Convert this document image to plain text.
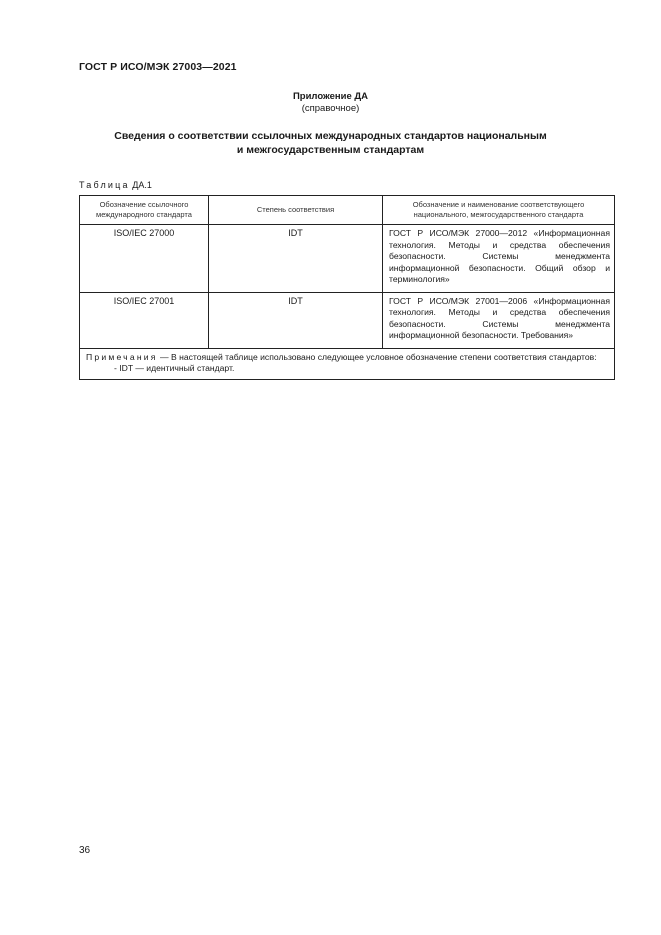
ГОСТ Р ИСО/МЭК 27003—2021
Приложение ДА
(справочное)
Сведения о соответствии ссылочных международных стандартов национальным
и межгосударственным стандартам
Таблица ДА.1
Обозначение ссылочного международного стандарта	Степень соответствия	Обозначение и наименование соответствующего национального, межгосударственного стандарта
ISO/IEC 27000	IDT	ГОСТ Р ИСО/МЭК 27000—2012 «Информационная технология. Методы и средства обеспечения безопасности. Системы менеджмента информационной безопасности. Общий обзор и терминология»
ISO/IEC 27001	IDT	ГОСТ Р ИСО/МЭК 27001—2006 «Информационная технология. Методы и средства обеспечения безопасности. Системы менеджмента информационной безопасности. Требования»

Примечания — В настоящей таблице использовано следующее условное обозначение степени соответствия стандартов:
- IDT — идентичный стандарт.		
36
